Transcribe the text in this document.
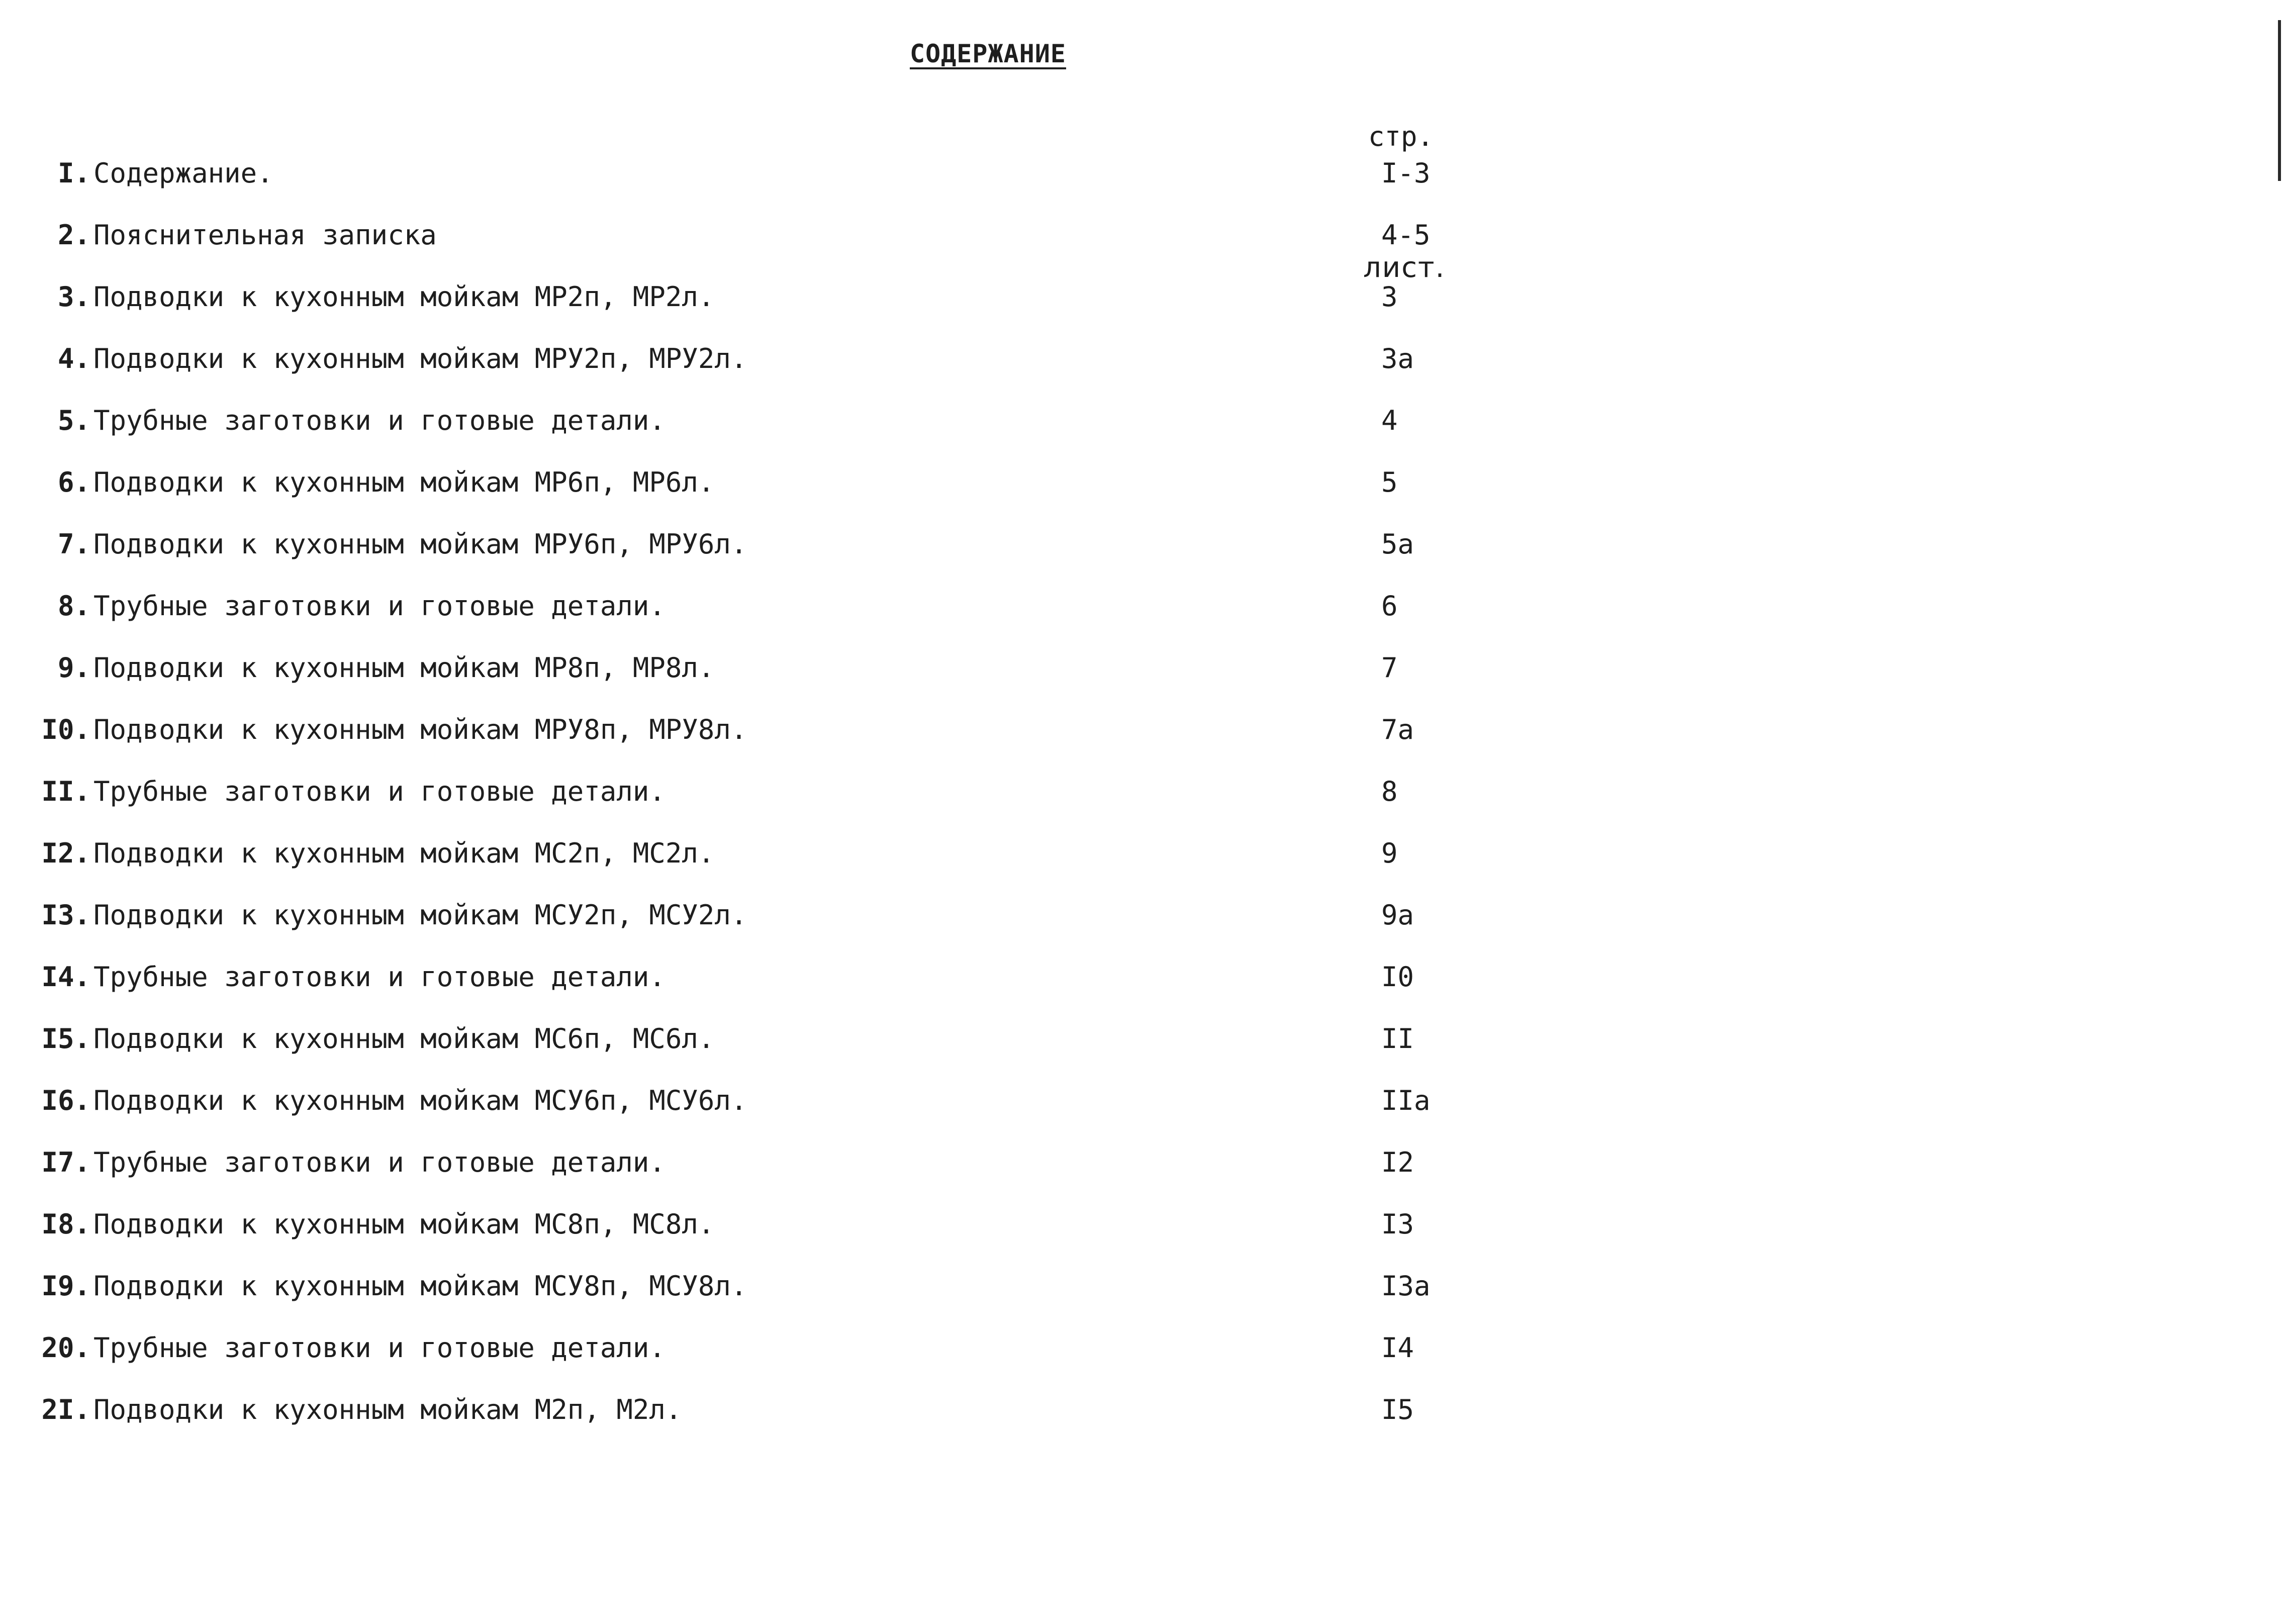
СОДЕРЖАНИЕ
стр.
лист.
I. Содержание.	I-3
2. Пояснительная записка	4-5
3. Подводки к кухонным мойкам МР2п, МР2л.	3
4. Подводки к кухонным мойкам МРУ2п, МРУ2л.	3а
5. Трубные заготовки и готовые детали.	4
6. Подводки к кухонным мойкам МР6п, МР6л.	5
7. Подводки к кухонным мойкам МРУ6п, МРУ6л.	5а
8. Трубные заготовки и готовые детали.	6
9. Подводки к кухонным мойкам МР8п, МР8л.	7
I0. Подводки к кухонным мойкам МРУ8п, МРУ8л.	7а
II. Трубные заготовки и готовые детали.	8
I2. Подводки к кухонным мойкам МС2п, МС2л.	9
I3. Подводки к кухонным мойкам МСУ2п, МСУ2л.	9а
I4. Трубные заготовки и готовые детали.	I0
I5. Подводки к кухонным мойкам МС6п, МС6л.	II
I6. Подводки к кухонным мойкам МСУ6п, МСУ6л.	IIа
I7. Трубные заготовки и готовые детали.	I2
I8. Подводки к кухонным мойкам МС8п, МС8л.	I3
I9. Подводки к кухонным мойкам МСУ8п, МСУ8л.	I3а
20. Трубные заготовки и готовые детали.	I4
2I. Подводки к кухонным мойкам М2п, М2л.	I5
